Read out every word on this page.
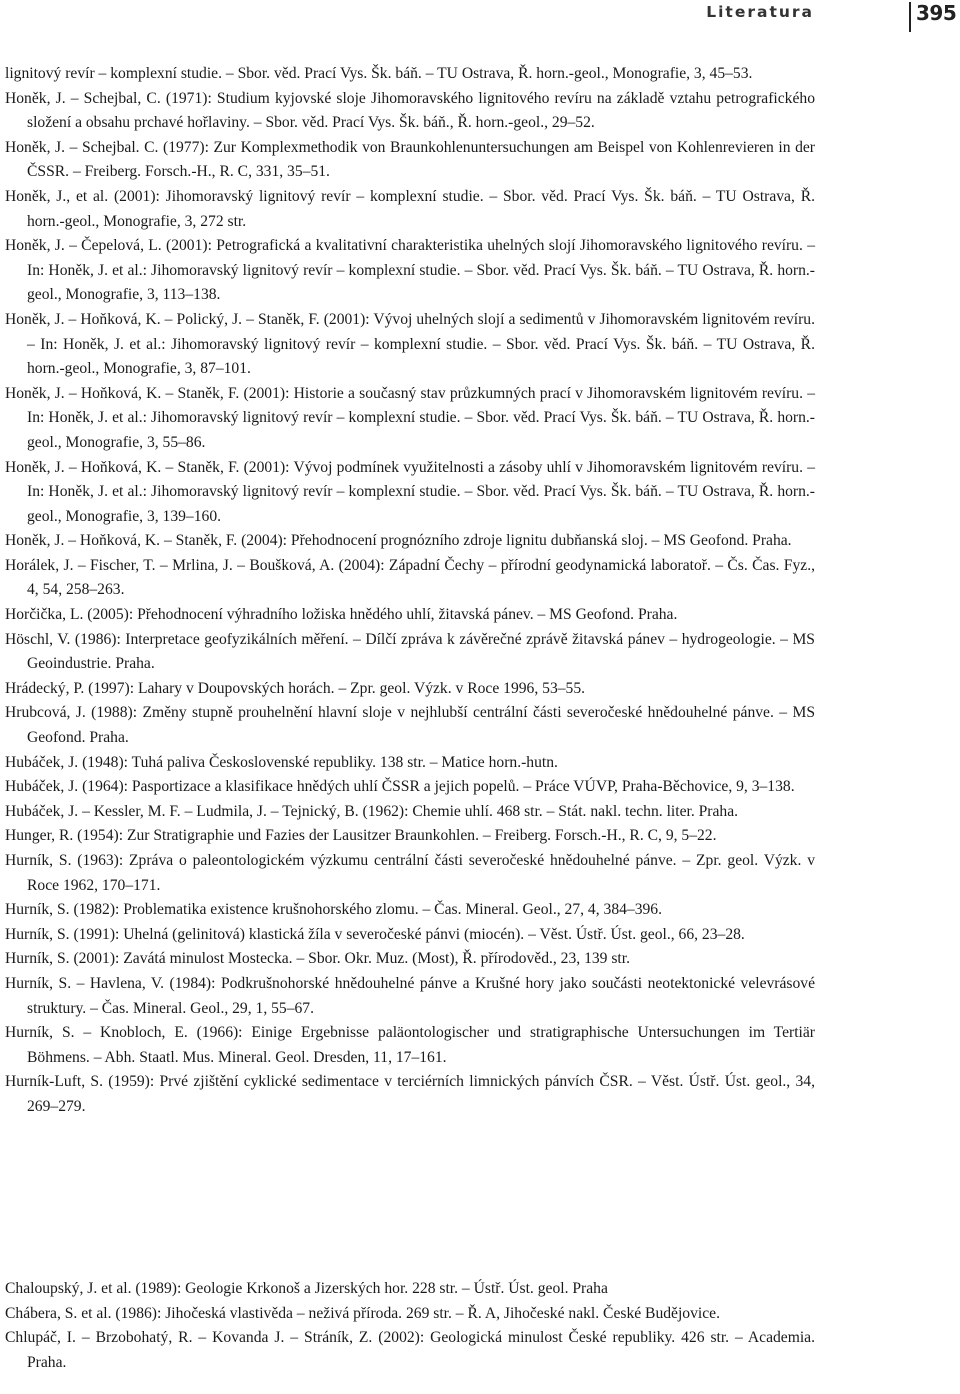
Literatura	395

lignitový revír – komplexní studie. – Sbor. věd. Prací Vys. Šk. báň. – TU Ostrava, Ř. horn.-geol., Monografie, 3, 45–53.

Honěk, J. – Schejbal, C. (1971): Studium kyjovské sloje Jihomoravského lignitového revíru na základě vztahu petrografického složení a obsahu prchavé hořlaviny. – Sbor. věd. Prací Vys. Šk. báň., Ř. horn.-geol., 29–52.

Honěk, J. – Schejbal. C. (1977): Zur Komplexmethodik von Braunkohlenuntersuchungen am Beispel von Kohlenrevieren in der ČSSR. – Freiberg. Forsch.-H., R. C, 331, 35–51.

Honěk, J., et al. (2001): Jihomoravský lignitový revír – komplexní studie. – Sbor. věd. Prací Vys. Šk. báň. – TU Ostrava, Ř. horn.-geol., Monografie, 3, 272 str.

Honěk, J. – Čepelová, L. (2001): Petrografická a kvalitativní charakteristika uhelných slojí Jihomoravského lignitového revíru. – In: Honěk, J. et al.: Jihomoravský lignitový revír – komplexní studie. – Sbor. věd. Prací Vys. Šk. báň. – TU Ostrava, Ř. horn.-geol., Monografie, 3, 113–138.

Honěk, J. – Hoňková, K. – Polický, J. – Staněk, F. (2001): Vývoj uhelných slojí a sedimentů v Jihomoravském lignitovém revíru. – In: Honěk, J. et al.: Jihomoravský lignitový revír – komplexní studie. – Sbor. věd. Prací Vys. Šk. báň. – TU Ostrava, Ř. horn.-geol., Monografie, 3, 87–101.

Honěk, J. – Hoňková, K. – Staněk, F. (2001): Historie a současný stav průzkumných prací v Jihomoravském lignitovém revíru. – In: Honěk, J. et al.: Jihomoravský lignitový revír – komplexní studie. – Sbor. věd. Prací Vys. Šk. báň. – TU Ostrava, Ř. horn.-geol., Monografie, 3, 55–86.

Honěk, J. – Hoňková, K. – Staněk, F. (2001): Vývoj podmínek využitelnosti a zásoby uhlí v Jihomoravském lignitovém revíru. – In: Honěk, J. et al.: Jihomoravský lignitový revír – komplexní studie. – Sbor. věd. Prací Vys. Šk. báň. – TU Ostrava, Ř. horn.-geol., Monografie, 3, 139–160.

Honěk, J. – Hoňková, K. – Staněk, F. (2004): Přehodnocení prognózního zdroje lignitu dubňanská sloj. – MS Geofond. Praha.

Horálek, J. – Fischer, T. – Mrlina, J. – Boušková, A. (2004): Západní Čechy – přírodní geodynamická laboratoř. – Čs. Čas. Fyz., 4, 54, 258–263.

Horčička, L. (2005): Přehodnocení výhradního ložiska hnědého uhlí, žitavská pánev. – MS Geofond. Praha.

Höschl, V. (1986): Interpretace geofyzikálních měření. – Dílčí zpráva k závěrečné zprávě žitavská pánev – hydrogeologie. – MS Geoindustrie. Praha.

Hrádecký, P. (1997): Lahary v Doupovských horách. – Zpr. geol. Výzk. v Roce 1996, 53–55.

Hrubcová, J. (1988): Změny stupně prouhelnění hlavní sloje v nejhlubší centrální části severočeské hnědouhelné pánve. – MS Geofond. Praha.

Hubáček, J. (1948): Tuhá paliva Československé republiky. 138 str. – Matice horn.-hutn.

Hubáček, J. (1964): Pasportizace a klasifikace hnědých uhlí ČSSR a jejich popelů. – Práce VÚVP, Praha-Běchovice, 9, 3–138.

Hubáček, J. – Kessler, M. F. – Ludmila, J. – Tejnický, B. (1962): Chemie uhlí. 468 str. – Stát. nakl. techn. liter. Praha.

Hunger, R. (1954): Zur Stratigraphie und Fazies der Lausitzer Braunkohlen. – Freiberg. Forsch.-H., R. C, 9, 5–22.

Hurník, S. (1963): Zpráva o paleontologickém výzkumu centrální části severočeské hnědouhelné pánve. – Zpr. geol. Výzk. v Roce 1962, 170–171.

Hurník, S. (1982): Problematika existence krušnohorského zlomu. – Čas. Mineral. Geol., 27, 4, 384–396.

Hurník, S. (1991): Uhelná (gelinitová) klastická žíla v severočeské pánvi (miocén). – Věst. Ústř. Úst. geol., 66, 23–28.

Hurník, S. (2001): Zavátá minulost Mostecka. – Sbor. Okr. Muz. (Most), Ř. přírodověd., 23, 139 str.

Hurník, S. – Havlena, V. (1984): Podkrušnohorské hnědouhelné pánve a Krušné hory jako součásti neotektonické velevrásové struktury. – Čas. Mineral. Geol., 29, 1, 55–67.

Hurník, S. – Knobloch, E. (1966): Einige Ergebnisse paläontologischer und stratigraphische Untersuchungen im Tertiär Böhmens. – Abh. Staatl. Mus. Mineral. Geol. Dresden, 11, 17–161.

Hurník-Luft, S. (1959): Prvé zjištění cyklické sedimentace v terciérních limnických pánvích ČSR. – Věst. Ústř. Úst. geol., 34, 269–279.

Chaloupský, J. et al. (1989): Geologie Krkonoš a Jizerských hor. 228 str. – Ústř. Úst. geol. Praha

Chábera, S. et al. (1986): Jihočeská vlastivěda – neživá příroda. 269 str. – Ř. A, Jihočeské nakl. České Budějovice.

Chlupáč, I. – Brzobohatý, R. – Kovanda J. – Stráník, Z. (2002): Geologická minulost České republiky. 426 str. – Academia. Praha.
